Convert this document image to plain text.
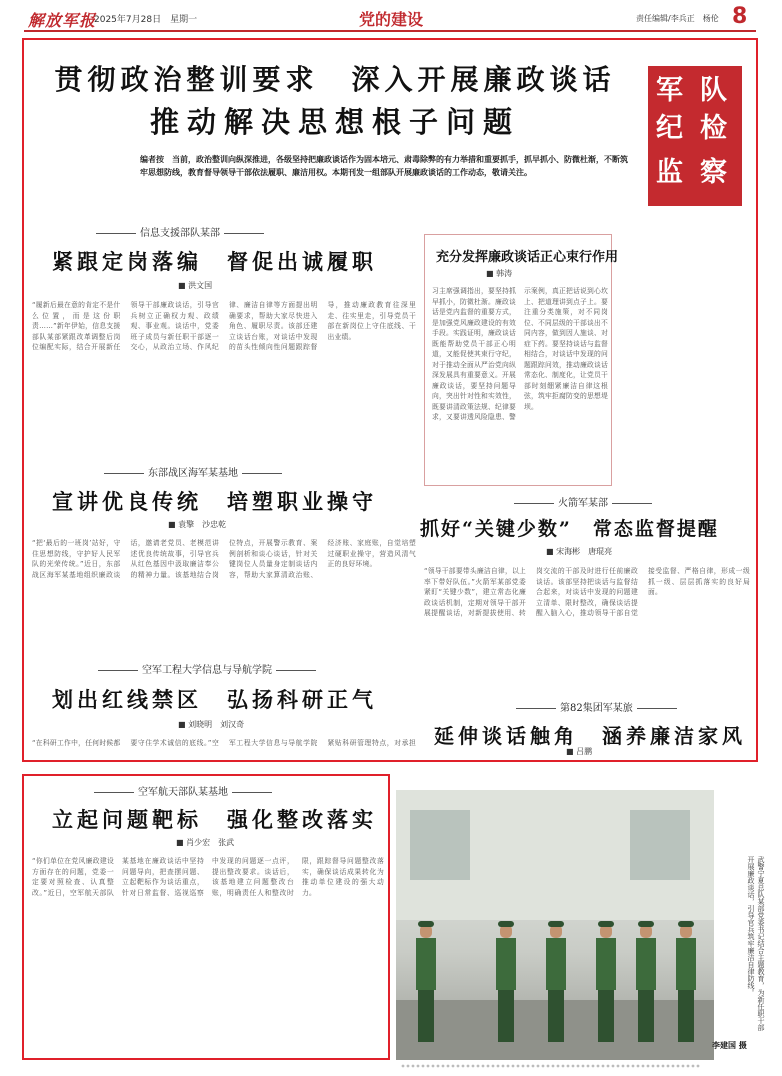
解放军报
2025年7月28日　星期一	党的建设	责任编辑/李兵正　杨伦 8
贯彻政治整训要求　深入开展廉政谈话
推动解决思想根子问题
军 队
纪 检
监 察
编者按　当前，政治整训向纵深推进，各级坚持把廉政谈话作为固本培元、肃毒除弊的有力举措和重要抓手，抓早抓小、防微杜渐，不断筑牢思想防线，教育督导领导干部依法履职、廉洁用权。本期刊发一组部队开展廉政谈话的工作动态，敬请关注。
信息支援部队某部
紧跟定岗落编　督促出诚履职
■ 洪文国
“履新后最在意的肯定不是什么位置，而是这份职责……”新年伊始，信息支援部队某部紧跟改革调整后岗位编配实际，结合开展新任领导干部廉政谈话，引导官兵树立正确权力观、政绩观、事业观。谈话中，党委班子成员与新任职干部逐一交心，从政治立场、作风纪律、廉洁自律等方面提出明确要求，帮助大家尽快进入角色、履职尽责。该部还建立谈话台账，对谈话中发现的苗头性倾向性问题跟踪督导，推动廉政教育往深里走、往实里走，引导党员干部在新岗位上守住底线、干出业绩。
东部战区海军某基地
宣讲优良传统　培塑职业操守
■ 袁擎　沙忠乾
“把‘最后的一班岗’站好，守住思想防线，守护好人民军队的光荣传统。”近日，东部战区海军某基地组织廉政谈话，邀请老党员、老模范讲述优良传统故事，引导官兵从红色基因中汲取廉洁奉公的精神力量。该基地结合岗位特点，开展警示教育、案例剖析和谈心谈话，针对关键岗位人员量身定制谈话内容，帮助大家算清政治账、经济账、家庭账，自觉培塑过硬职业操守，营造风清气正的良好环境。
空军工程大学信息与导航学院
划出红线禁区　弘扬科研正气
■ 刘晓明　刘汉奇
“在科研工作中，任何时候都要守住学术诚信的底线。”空军工程大学信息与导航学院紧贴科研管理特点，对承担
充分发挥廉政谈话正心束行作用
■ 韩涛
习主席强调指出，要坚持抓早抓小，防微杜渐。廉政谈话是党内监督的重要方式，是加强党风廉政建设的有效手段。实践证明，廉政谈话既能帮助党员干部正心明道，又能促使其束行守纪，对于推动全面从严治党向纵深发展具有重要意义。开展廉政谈话，要坚持问题导向，突出针对性和实效性，既要讲清政策法规、纪律要求，又要讲透风险隐患、警示案例，真正把话说到心坎上、把道理讲到点子上。要注重分类施策，对不同岗位、不同层级的干部谈出不同内容，做到因人施谈、对症下药。要坚持谈话与监督相结合，对谈话中发现的问题跟踪问效，推动廉政谈话常态化、制度化，让党员干部时刻绷紧廉洁自律这根弦，筑牢拒腐防变的思想堤坝。
火箭军某部
抓好“关键少数”　常态监督提醒
■ 宋海彬　唐琨亮
“领导干部要带头廉洁自律，以上率下带好队伍。”火箭军某部党委紧盯“关键少数”，建立常态化廉政谈话机制，定期对领导干部开展提醒谈话，对新提拔使用、转岗交流的干部及时进行任前廉政谈话。该部坚持把谈话与监督结合起来，对谈话中发现的问题建立清单、限时整改，确保谈话提醒入脑入心，推动领导干部自觉接受监督、严格自律，形成一级抓一级、层层抓落实的良好局面。
第82集团军某旅
延伸谈话触角　涵养廉洁家风
■ 吕鹏
空军航天部队某基地
立起问题靶标　强化整改落实
■ 肖少宏　张武
“你们单位在党风廉政建设方面存在的问题，党委一定要对照检查、认真整改。”近日，空军航天部队某基地在廉政谈话中坚持问题导向，把查摆问题、立起靶标作为谈话重点，针对日常监督、巡视巡察中发现的问题逐一点评，提出整改要求。谈话后，该基地建立问题整改台账，明确责任人和整改时限，跟踪督导问题整改落实，确保谈话成果转化为推动单位建设的强大动力。	武警宁夏总队某部党委书记结合主题教育，为新任职干部开展廉政谈话，引导官兵筑牢廉洁自律防线。
李建国 摄
